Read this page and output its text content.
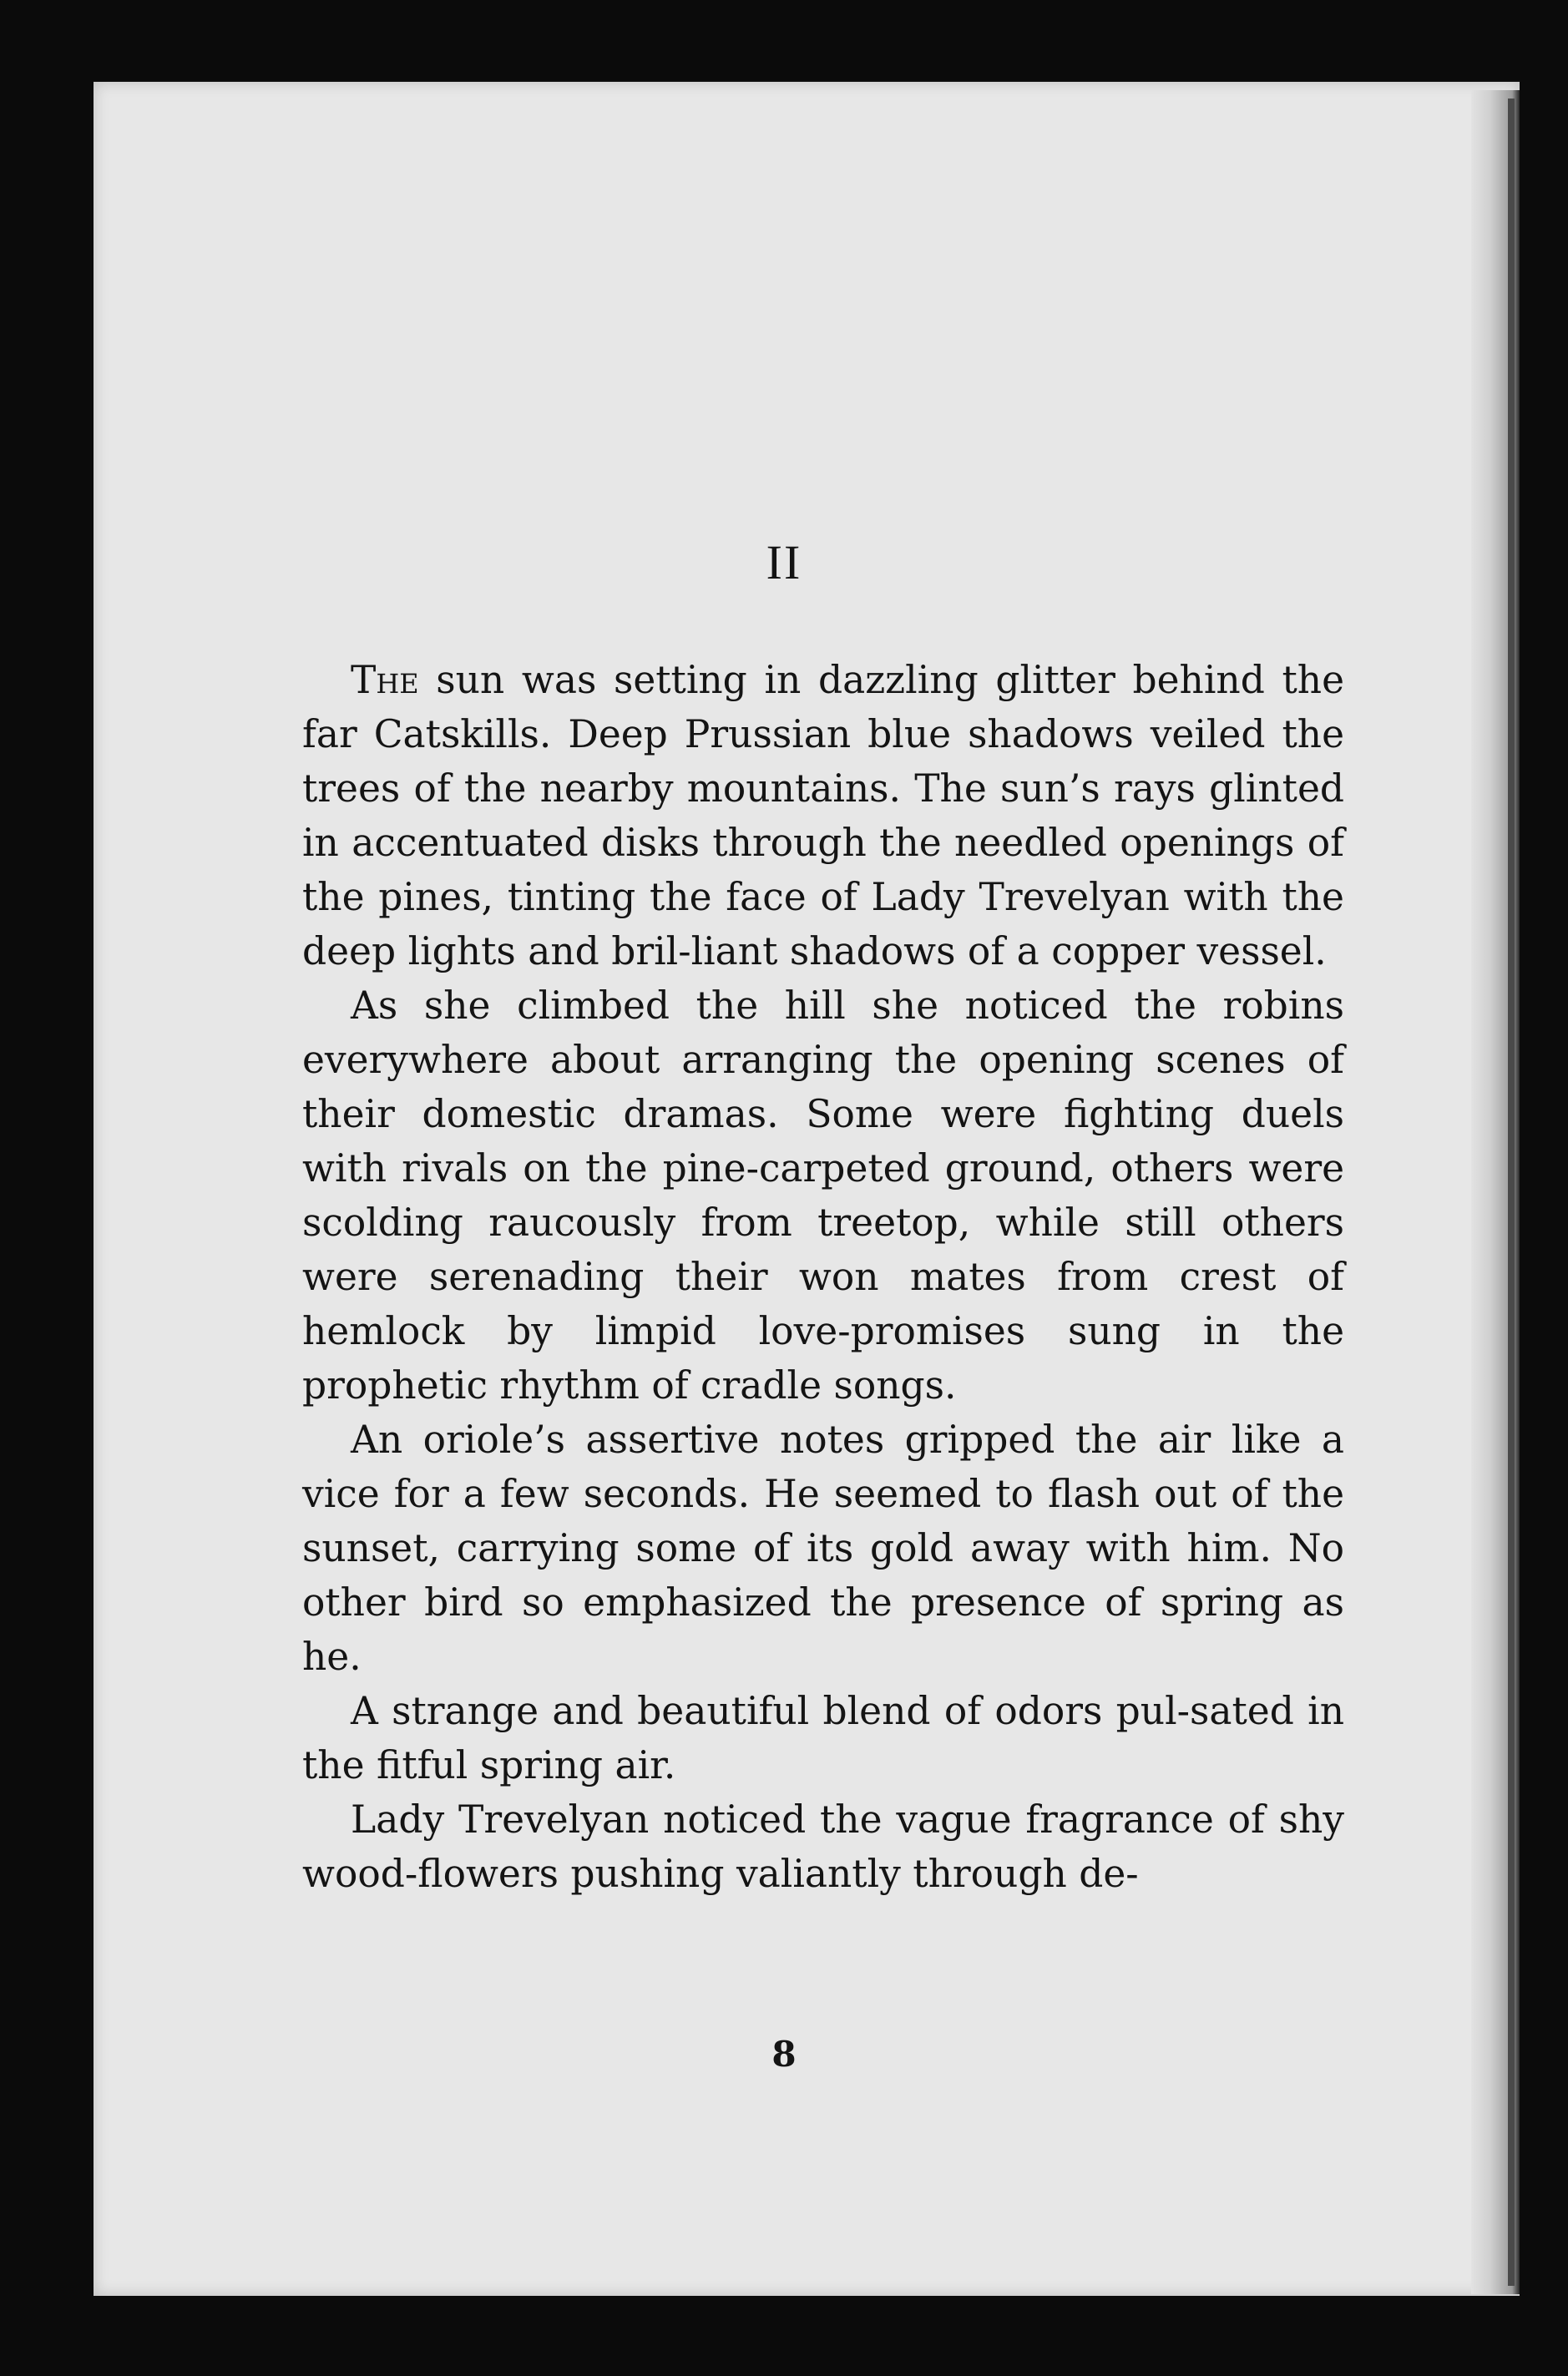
II

The sun was setting in dazzling glitter behind the far Catskills. Deep Prussian blue shadows veiled the trees of the nearby mountains. The sun’s rays glinted in accentuated disks through the needled openings of the pines, tinting the face of Lady Trevelyan with the deep lights and bril-liant shadows of a copper vessel.

As she climbed the hill she noticed the robins everywhere about arranging the opening scenes of their domestic dramas. Some were fighting duels with rivals on the pine-carpeted ground, others were scolding raucously from treetop, while still others were serenading their won mates from crest of hemlock by limpid love-promises sung in the prophetic rhythm of cradle songs.

An oriole’s assertive notes gripped the air like a vice for a few seconds. He seemed to flash out of the sunset, carrying some of its gold away with him. No other bird so emphasized the presence of spring as he.

A strange and beautiful blend of odors pul-sated in the fitful spring air.

Lady Trevelyan noticed the vague fragrance of shy wood-flowers pushing valiantly through de-

8
